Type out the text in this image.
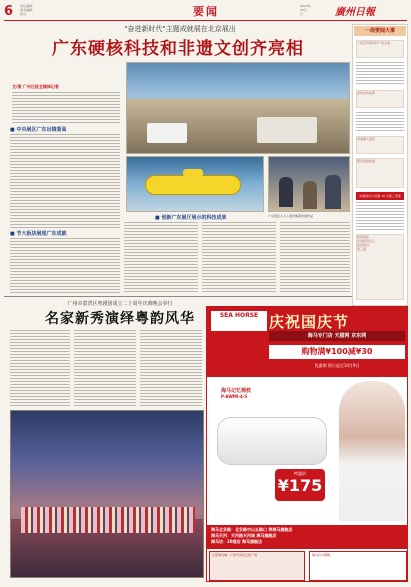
6	责任编辑：
美术编辑：
校对：	要闻	2023年
10月
日	廣州日報
"奋进新时代"主题成就展在北京展出
广东硬核科技和非遗文创齐亮相
文/图 广州日报全媒体记者
■ 中央展区广东出镜看高
■ 节大板块展现广东成就
■ 创新广东展厅展示的科技成果	广东展区人人人观众参观非遗作品
一周要闻大事
广州召开新时代广州全国
深圳发布政策
粤港澳大湾区
经济发展成绩
中国进出口总额 10 月前三季度
新闻简报
全省经济运行
新区建设
第三届
广州市荔湾区粤剧团成立二十周年庆典晚会举行
名家新秀演绎粤韵风华	SEA HORSE 庆祝国庆节
海马专门店 天猫网 京东网
购物满¥100减¥30
优惠期 即日起至10月9日
海马记忆棉枕
P-AWMI-4-5
特惠价
¥175
海马北京路：北京路中山五路口 等海马旗舰店
海马天河：天河路天河城 海马旗舰店
海马坊：20楼店 海马旗舰店
正佳海马城：广州天河区正佳广场	海马官方网购
